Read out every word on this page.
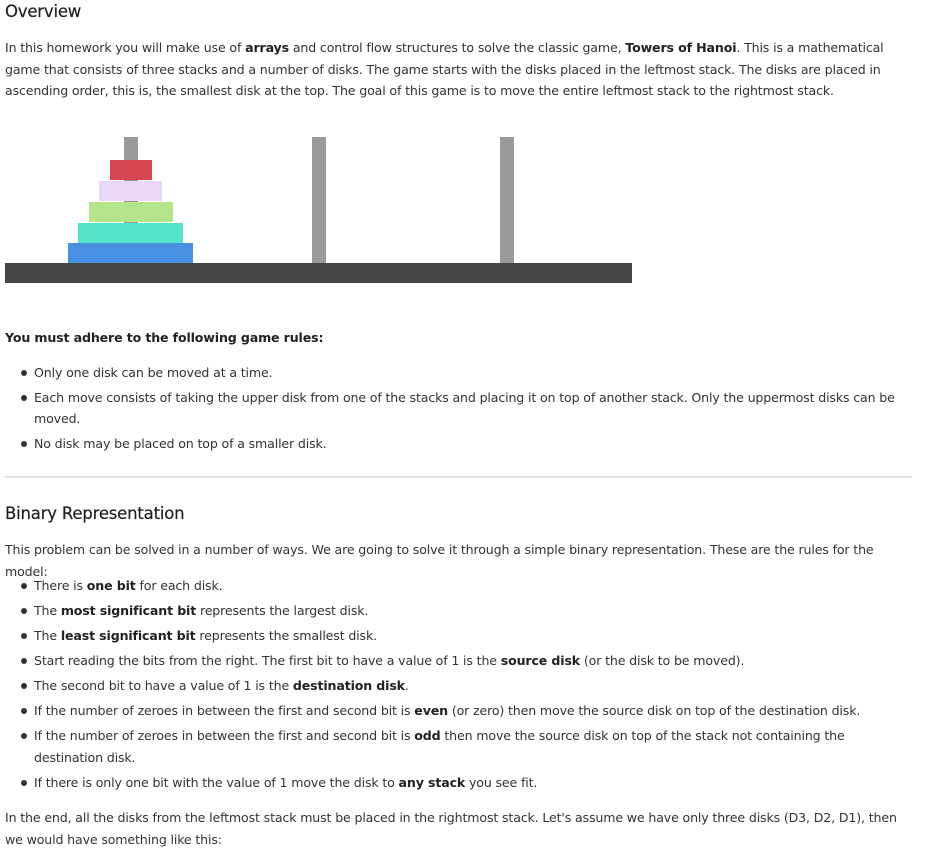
Overview

In this homework you will make use of arrays and control flow structures to solve the classic game, Towers of Hanoi. This is a mathematical game that consists of three stacks and a number of disks. The game starts with the disks placed in the leftmost stack. The disks are placed in ascending order, this is, the smallest disk at the top. The goal of this game is to move the entire leftmost stack to the rightmost stack.

You must adhere to the following game rules:

Only one disk can be moved at a time.
Each move consists of taking the upper disk from one of the stacks and placing it on top of another stack. Only the uppermost disks can be moved.
No disk may be placed on top of a smaller disk.
Binary Representation

This problem can be solved in a number of ways. We are going to solve it through a simple binary representation. These are the rules for the model:

There is one bit for each disk.
The most significant bit represents the largest disk.
The least significant bit represents the smallest disk.
Start reading the bits from the right. The first bit to have a value of 1 is the source disk (or the disk to be moved).
The second bit to have a value of 1 is the destination disk.
If the number of zeroes in between the first and second bit is even (or zero) then move the source disk on top of the destination disk.
If the number of zeroes in between the first and second bit is odd then move the source disk on top of the stack not containing the destination disk.
If there is only one bit with the value of 1 move the disk to any stack you see fit.

In the end, all the disks from the leftmost stack must be placed in the rightmost stack. Let's assume we have only three disks (D3, D2, D1), then we would have something like this:
